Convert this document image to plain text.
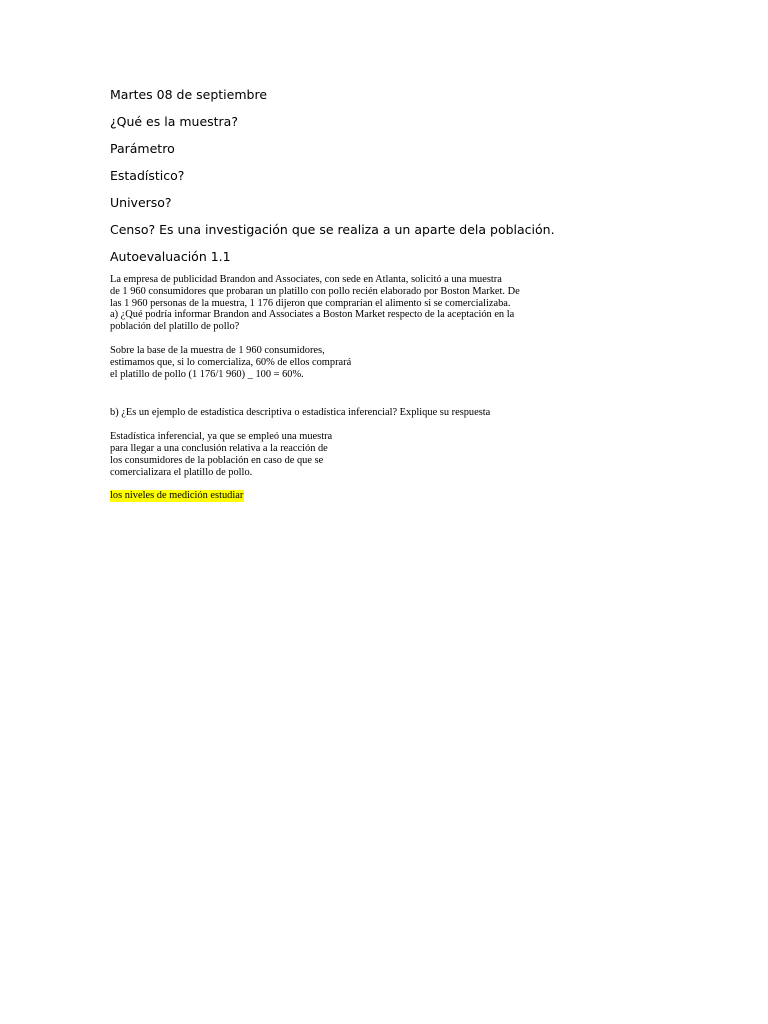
Martes 08 de septiembre

¿Qué es la muestra?

Parámetro

Estadístico?

Universo?

Censo? Es una investigación que se realiza a un aparte dela población.

Autoevaluación 1.1

La empresa de publicidad Brandon and Associates, con sede en Atlanta, solicitó a una muestra
de 1 960 consumidores que probaran un platillo con pollo recién elaborado por Boston Market. De
las 1 960 personas de la muestra, 1 176 dijeron que comprarían el alimento si se comercializaba.
a) ¿Qué podría informar Brandon and Associates a Boston Market respecto de la aceptación en la
población del platillo de pollo?
Sobre la base de la muestra de 1 960 consumidores,
estimamos que, si lo comercializa, 60% de ellos comprará
el platillo de pollo (1 176/1 960) _ 100 = 60%.
b) ¿Es un ejemplo de estadística descriptiva o estadística inferencial? Explique su respuesta
Estadística inferencial, ya que se empleó una muestra
para llegar a una conclusión relativa a la reacción de
los consumidores de la población en caso de que se
comercializara el platillo de pollo.
los niveles de medición estudiar
